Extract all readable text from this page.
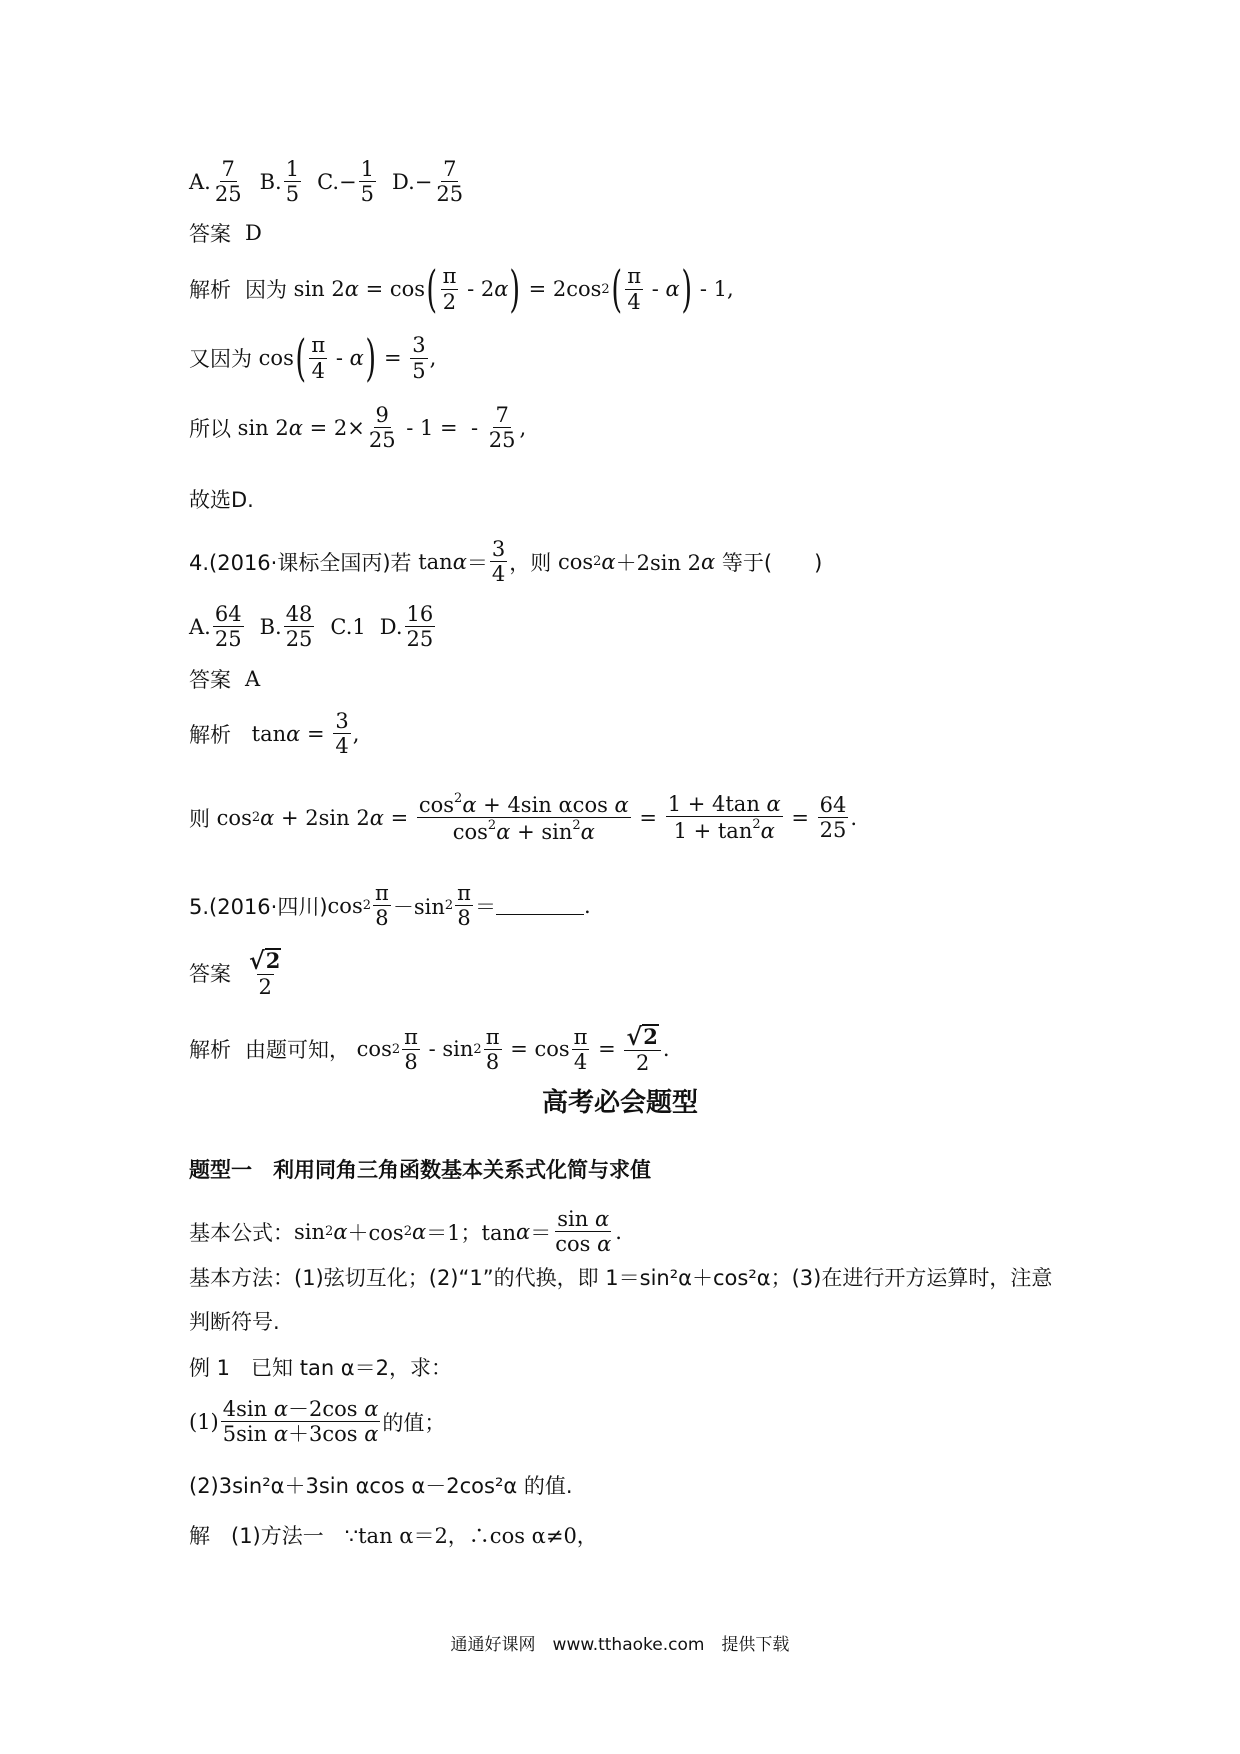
A.
7
25
B.
1
5
C.−
1
5
D.−
7
25
答案 D
解析 因为 sin 2 α = cos ( π
2
- 2 α ) = 2cos 2 ( π
4
- α ) - 1,
又因为 cos ( π
4
- α ) =
3
5
,
所以 sin 2 α = 2×
9
25
- 1 =  -
7
25
,
故选D.
4.(2016·课标全国丙)若 tan α ＝
3
4 ，则 cos 2 α ＋2sin 2 α
等于(　　)
A.
64
25
B.
48
25
C.1
D.
16
25
答案 A
解析 tan α =
3
4
,
则 cos 2 α + 2sin 2 α =
$\cos^2\alpha + 4\sin$ αcos α
$\cos^2\alpha + \sin^2\alpha$
=
1 + 4tan α
$1 + \tan^2\alpha$
=
64
25
.
5.(2016·四川) cos 2
π
8 －sin 2
π
8 ＝	.
答案 √ 2
2
解析 由题可知， cos 2
π
8
- sin 2
π
8
= cos
π
4
= √ 2
2
.
高考必会题型
题型一　利用同角三角函数基本关系式化简与求值
基本公式： sin 2 α ＋cos 2 α ＝1；tan α ＝
sin α
cos α
.
基本方法：(1)弦切互化；(2)“1”的代换，即 1＝sin²α＋cos²α；(3)在进行开方运算时，注意
判断符号.
例 1　已知 tan α＝2，求：
(1)
4sin α－2cos α
5sin α＋3cos α 的值；
(2)3sin²α＋3sin αcos α－2cos²α 的值.
解　(1)方法一　 ∵tan α＝2，∴cos α≠0，
通通好课网　www.tthaoke.com　提供下载
